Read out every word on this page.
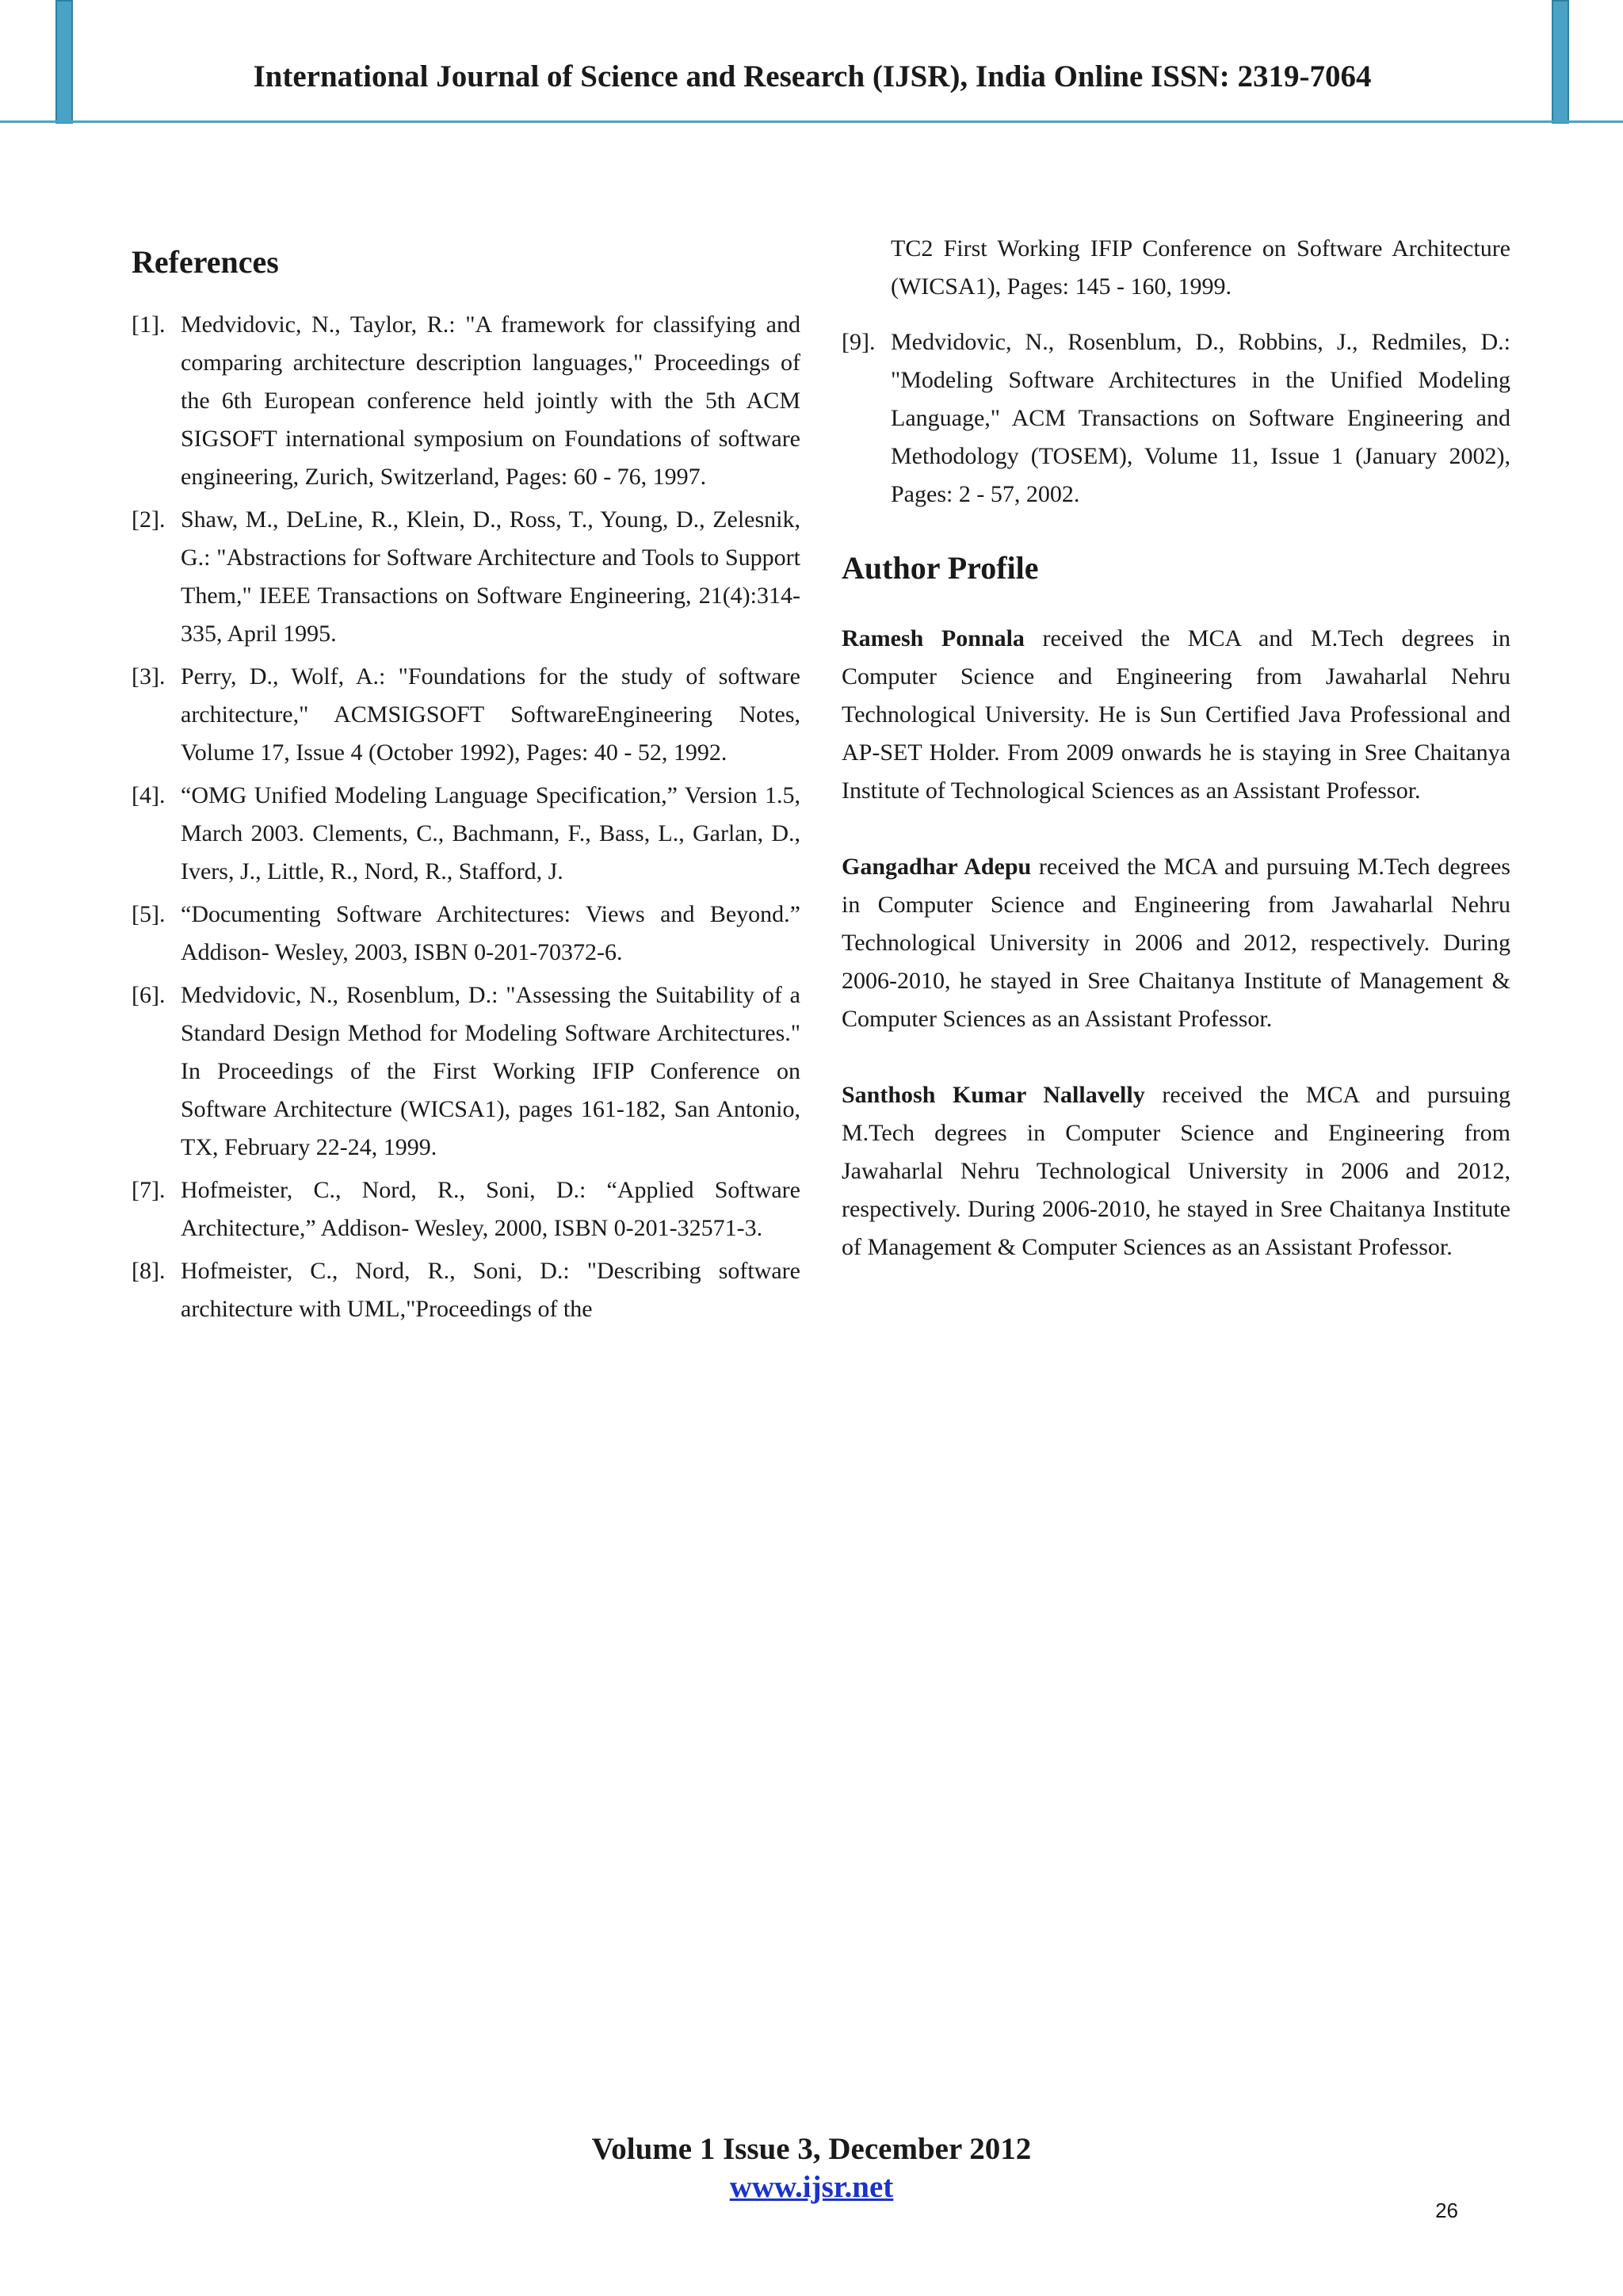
International Journal of Science and Research (IJSR), India Online ISSN: 2319-7064
References
[1]. Medvidovic, N., Taylor, R.: "A framework for classifying and comparing architecture description languages," Proceedings of the 6th European conference held jointly with the 5th ACM SIGSOFT international symposium on Foundations of software engineering, Zurich, Switzerland, Pages: 60 - 76, 1997.
[2]. Shaw, M., DeLine, R., Klein, D., Ross, T., Young, D., Zelesnik, G.: "Abstractions for Software Architecture and Tools to Support Them," IEEE Transactions on Software Engineering, 21(4):314-335, April 1995.
[3]. Perry, D., Wolf, A.: "Foundations for the study of software architecture," ACMSIGSOFT SoftwareEngineering Notes, Volume 17, Issue 4 (October 1992), Pages: 40 - 52, 1992.
[4]. “OMG Unified Modeling Language Specification,” Version 1.5, March 2003. Clements, C., Bachmann, F., Bass, L., Garlan, D., Ivers, J., Little, R., Nord, R., Stafford, J.
[5]. “Documenting Software Architectures: Views and Beyond.” Addison- Wesley, 2003, ISBN 0-201-70372-6.
[6]. Medvidovic, N., Rosenblum, D.: "Assessing the Suitability of a Standard Design Method for Modeling Software Architectures." In Proceedings of the First Working IFIP Conference on Software Architecture (WICSA1), pages 161-182, San Antonio, TX, February 22-24, 1999.
[7]. Hofmeister, C., Nord, R., Soni, D.: “Applied Software Architecture,” Addison- Wesley, 2000, ISBN 0-201-32571-3.
[8]. Hofmeister, C., Nord, R., Soni, D.: "Describing software architecture with UML,"Proceedings of the
TC2 First Working IFIP Conference on Software Architecture (WICSA1), Pages: 145 - 160, 1999.
[9]. Medvidovic, N., Rosenblum, D., Robbins, J., Redmiles, D.: "Modeling Software Architectures in the Unified Modeling Language," ACM Transactions on Software Engineering and Methodology (TOSEM), Volume 11, Issue 1 (January 2002), Pages: 2 - 57, 2002.
Author Profile

Ramesh Ponnala received the MCA and M.Tech degrees in Computer Science and Engineering from Jawaharlal Nehru Technological University. He is Sun Certified Java Professional and AP-SET Holder. From 2009 onwards he is staying in Sree Chaitanya Institute of Technological Sciences as an Assistant Professor.

Gangadhar Adepu received the MCA and pursuing M.Tech degrees in Computer Science and Engineering from Jawaharlal Nehru Technological University in 2006 and 2012, respectively. During 2006-2010, he stayed in Sree Chaitanya Institute of Management & Computer Sciences as an Assistant Professor.

Santhosh Kumar Nallavelly received the MCA and pursuing M.Tech degrees in Computer Science and Engineering from Jawaharlal Nehru Technological University in 2006 and 2012, respectively. During 2006-2010, he stayed in Sree Chaitanya Institute of Management & Computer Sciences as an Assistant Professor.

Volume 1 Issue 3, December 2012
www.ijsr.net
26
